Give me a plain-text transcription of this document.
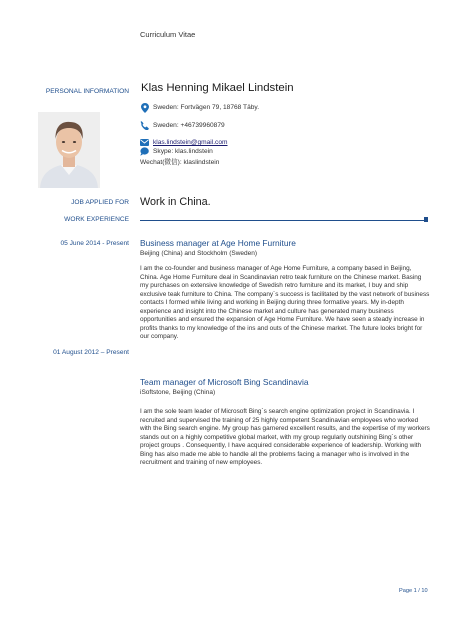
Curriculum Vitae
PERSONAL INFORMATION Klas Henning Mikael Lindstein
Sweden: Fortvägen 79, 18768 Täby.
Sweden: +46739960879
klas.lindstein@gmail.com
Skype: klas.lindstein
Wechat(微信): klaslindstein
JOB APPLIED FOR Work in China.
WORK EXPERIENCE
05 June 2014 - Present Business manager at Age Home Furniture
Beijing (China) and Stockholm (Sweden)
I am the co-founder and business manager of Age Home Furniture, a company based in Beijing, China. Age Home Furniture deal in Scandinavian retro teak furniture on the Chinese market. Basing my purchases on extensive knowledge of Swedish retro furniture and its market, I buy and ship exclusive teak furniture to China. The company´s success is facilitated by the vast network of business contacts I formed while living and working in Beijing during three formative years. My in-depth experience and insight into the Chinese market and culture has generated many business opportunities and ensured the expansion of Age Home Furniture. We have seen a steady increase in profits thanks to my knowledge of the ins and outs of the Chinese market. The future looks bright for our company.
01 August 2012 – Present
Team manager of Microsoft Bing Scandinavia
iSoftstone, Beijing (China)
I am the sole team leader of Microsoft Bing´s search engine optimization project in Scandinavia. I recruited and supervised the training of 25 highly competent Scandinavian employees who worked with the Bing search engine. My group has garnered excellent results, and the expertise of my workers stands out on a highly competitive global market, with my group regularly outshining Bing´s other project groups . Consequently, I have acquired considerable experience of leadership. Working with Bing has also made me able to handle all the problems facing a manager who is involved in the recruitment and training of new employees.
Page 1 / 10
